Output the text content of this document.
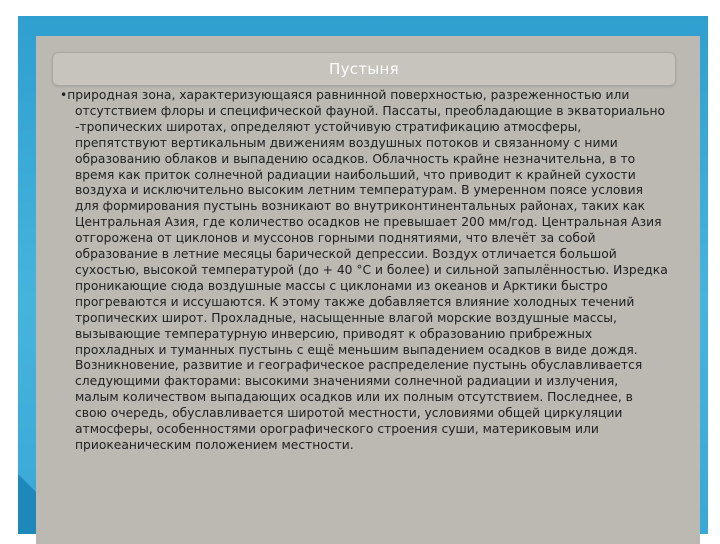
Пустыня
•природная зона, характеризующаяся равнинной поверхностью, разреженностью или
отсутствием флоры и специфической фауной. Пассаты, преобладающие в экваториально
-тропических широтах, определяют устойчивую стратификацию атмосферы,
препятствуют вертикальным движениям воздушных потоков и связанному с ними
образованию облаков и выпадению осадков. Облачность крайне незначительна, в то
время как приток солнечной радиации наибольший, что приводит к крайней сухости
воздуха и исключительно высоким летним температурам. В умеренном поясе условия
для формирования пустынь возникают во внутриконтинентальных районах, таких как
Центральная Азия, где количество осадков не превышает 200 мм/год. Центральная Азия
отгорожена от циклонов и муссонов горными поднятиями, что влечёт за собой
образование в летние месяцы барической депрессии. Воздух отличается большой
сухостью, высокой температурой (до + 40 °С и более) и сильной запылённостью. Изредка
проникающие сюда воздушные массы с циклонами из океанов и Арктики быстро
прогреваются и иссушаются. К этому также добавляется влияние холодных течений
тропических широт. Прохладные, насыщенные влагой морские воздушные массы,
вызывающие температурную инверсию, приводят к образованию прибрежных
прохладных и туманных пустынь с ещё меньшим выпадением осадков в виде дождя.
Возникновение, развитие и географическое распределение пустынь обуславливается
следующими факторами: высокими значениями солнечной радиации и излучения,
малым количеством выпадающих осадков или их полным отсутствием. Последнее, в
свою очередь, обуславливается широтой местности, условиями общей циркуляции
атмосферы, особенностями орографического строения суши, материковым или
приокеаническим положением местности.
